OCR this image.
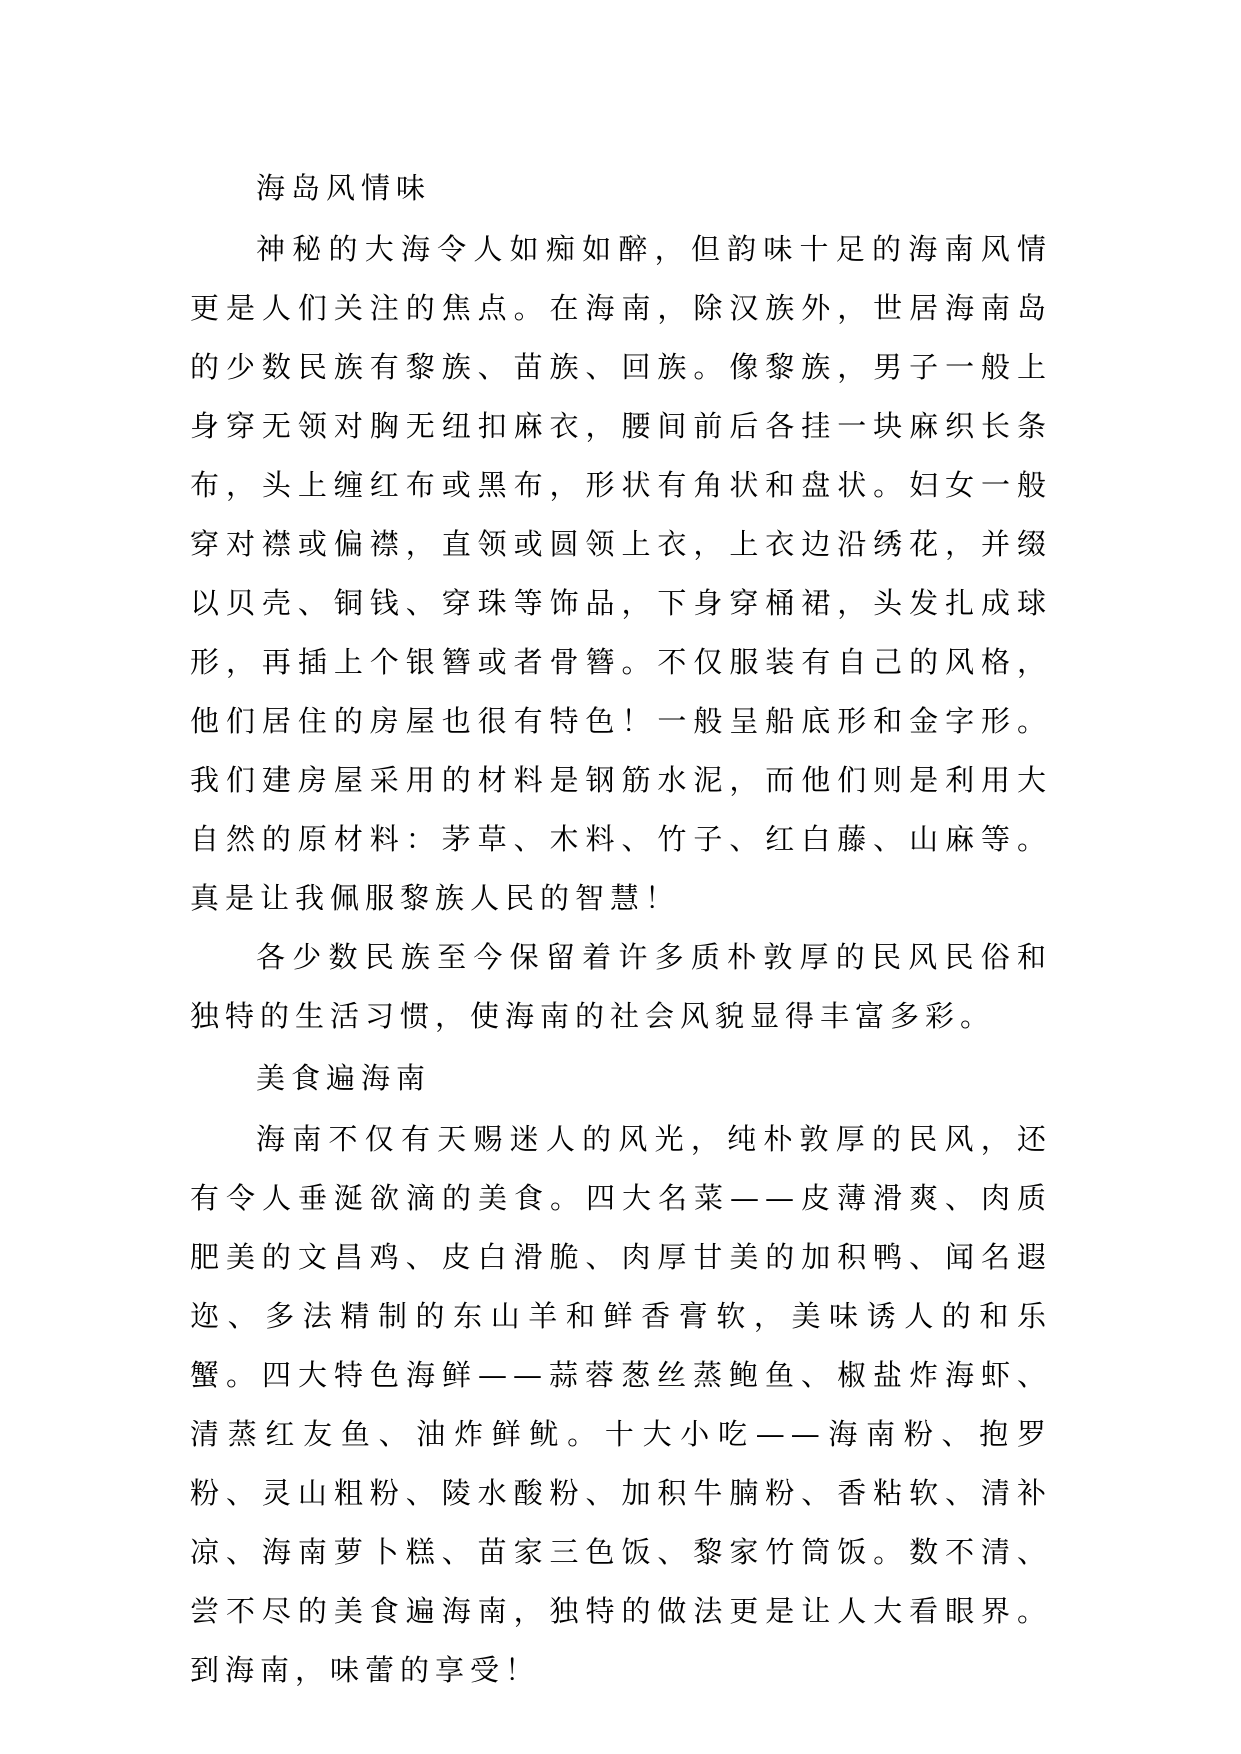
海岛风情味

神秘的大海令人如痴如醉，但韵味十足的海南风情更是人们关注的焦点。在海南，除汉族外，世居海南岛的少数民族有黎族、苗族、回族。像黎族，男子一般上身穿无领对胸无纽扣麻衣，腰间前后各挂一块麻织长条布，头上缠红布或黑布，形状有角状和盘状。妇女一般穿对襟或偏襟，直领或圆领上衣，上衣边沿绣花，并缀以贝壳、铜钱、穿珠等饰品，下身穿桶裙，头发扎成球形，再插上个银簪或者骨簪。不仅服装有自己的风格，他们居住的房屋也很有特色！一般呈船底形和金字形。我们建房屋采用的材料是钢筋水泥，而他们则是利用大自然的原材料：茅草、木料、竹子、红白藤、山麻等。真是让我佩服黎族人民的智慧！

各少数民族至今保留着许多质朴敦厚的民风民俗和独特的生活习惯，使海南的社会风貌显得丰富多彩。

美食遍海南

海南不仅有天赐迷人的风光，纯朴敦厚的民风，还有令人垂涎欲滴的美食。四大名菜——皮薄滑爽、肉质肥美的文昌鸡、皮白滑脆、肉厚甘美的加积鸭、闻名遐迩、多法精制的东山羊和鲜香膏软，美味诱人的和乐蟹。四大特色海鲜——蒜蓉葱丝蒸鲍鱼、椒盐炸海虾、清蒸红友鱼、油炸鲜鱿。十大小吃——海南粉、抱罗粉、灵山粗粉、陵水酸粉、加积牛腩粉、香粘软、清补凉、海南萝卜糕、苗家三色饭、黎家竹筒饭。数不清、尝不尽的美食遍海南，独特的做法更是让人大看眼界。到海南，味蕾的享受！
